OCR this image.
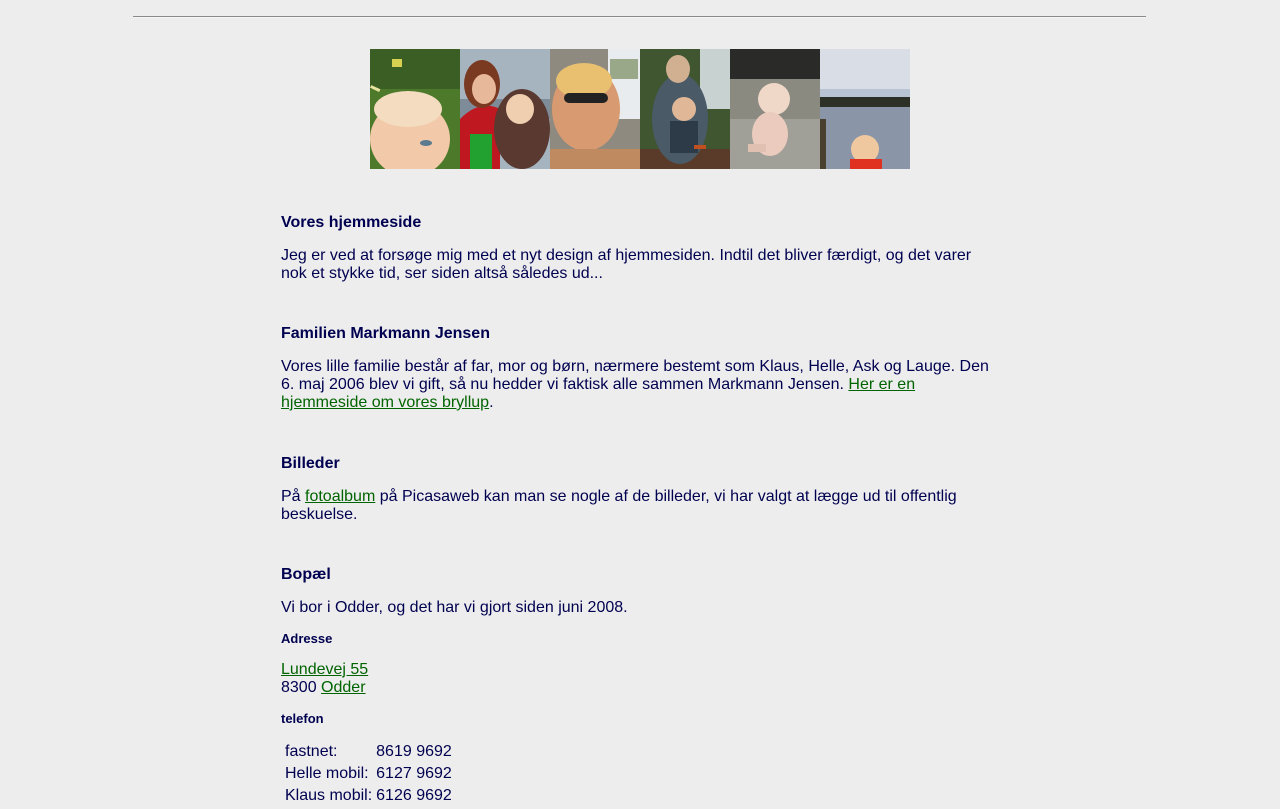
Vores hjemmeside

Jeg er ved at forsøge mig med et nyt design af hjemmesiden. Indtil det bliver færdigt, og det varer nok et stykke tid, ser siden altså således ud...

Familien Markmann Jensen

Vores lille familie består af far, mor og børn, nærmere bestemt som Klaus, Helle, Ask og Lauge. Den 6. maj 2006 blev vi gift, så nu hedder vi faktisk alle sammen Markmann Jensen. Her er en hjemmeside om vores bryllup.

Billeder

På fotoalbum på Picasaweb kan man se nogle af de billeder, vi har valgt at lægge ud til offentlig beskuelse.

Bopæl

Vi bor i Odder, og det har vi gjort siden juni 2008.

Adresse

Lundevej 55
8300 Odder

telefon
fastnet:	8619 9692
Helle mobil:	6127 9692
Klaus mobil:	6126 9692
